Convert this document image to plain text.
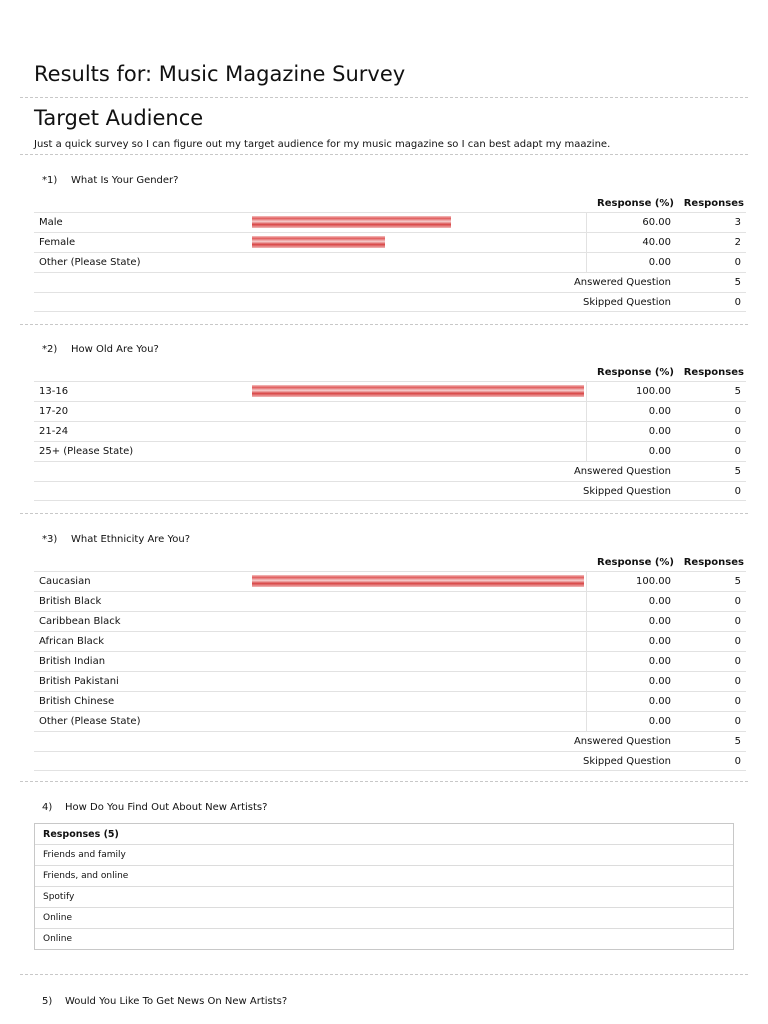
Results for: Music Magazine Survey
Target Audience
Just a quick survey so I can figure out my target audience for my music magazine so I can best adapt my maazine.
*1) What Is Your Gender?
Response (%) Responses
Male	60.00	3
Female	40.00	2
Other (Please State)	0.00	0
Answered Question	5
Skipped Question	0
*2) How Old Are You?
Response (%) Responses
13-16	100.00	5
17-20	0.00	0
21-24	0.00	0
25+ (Please State)	0.00	0
Answered Question	5
Skipped Question	0
*3) What Ethnicity Are You?
Response (%) Responses
Caucasian	100.00	5
British Black	0.00	0
Caribbean Black	0.00	0
African Black	0.00	0
British Indian	0.00	0
British Pakistani	0.00	0
British Chinese	0.00	0
Other (Please State)	0.00	0
Answered Question	5
Skipped Question	0
4) How Do You Find Out About New Artists?
Responses (5)
Friends and family
Friends, and online
Spotify
Online
Online
5) Would You Like To Get News On New Artists?
